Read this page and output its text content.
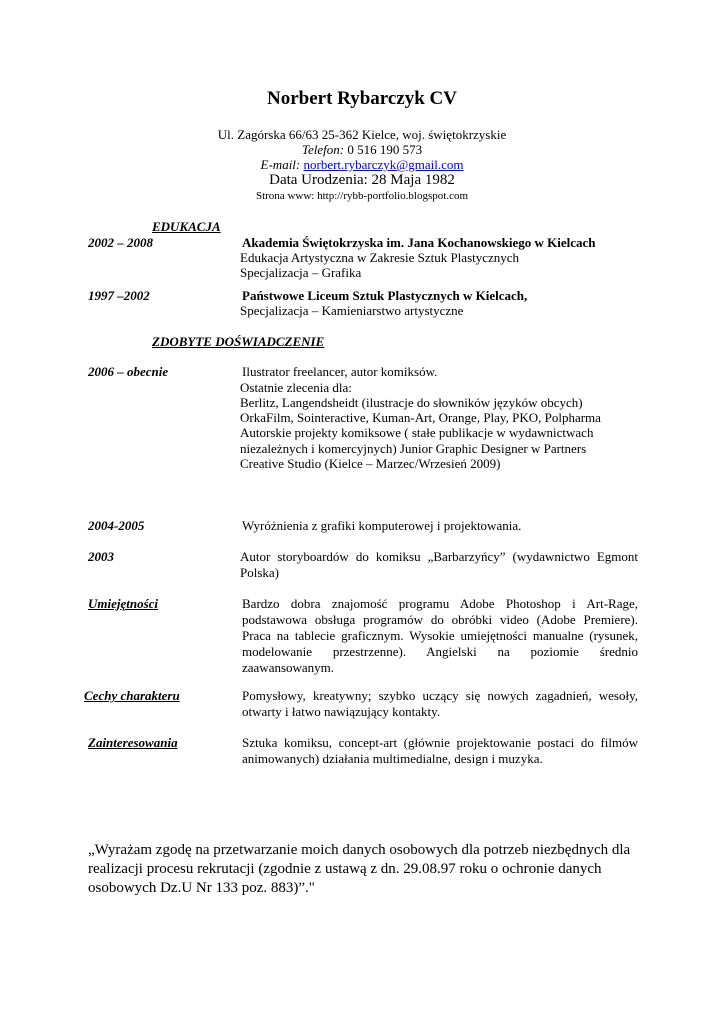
Norbert Rybarczyk CV
Ul. Zagórska 66/63 25-362 Kielce, woj. świętokrzyskie
Telefon: 0 516 190 573
E-mail: norbert.rybarczyk@gmail.com
Data Urodzenia: 28 Maja 1982
Strona www: http://rybb-portfolio.blogspot.com
EDUKACJA
2002 – 2008	Akademia Świętokrzyska im. Jana Kochanowskiego w Kielcach
Edukacja Artystyczna w Zakresie Sztuk Plastycznych
Specjalizacja – Grafika
1997 –2002	Państwowe Liceum Sztuk Plastycznych w Kielcach,
Specjalizacja – Kamieniarstwo artystyczne
ZDOBYTE DOŚWIADCZENIE
2006 – obecnie	Ilustrator freelancer, autor komiksów.
Ostatnie zlecenia dla:
Berlitz, Langendsheidt (ilustracje do słowników języków obcych)
OrkaFilm, Sointeractive, Kuman-Art, Orange, Play, PKO, Polpharma
Autorskie projekty komiksowe ( stałe publikacje w wydawnictwach
niezależnych i komercyjnych) Junior Graphic Designer w Partners
Creative Studio (Kielce – Marzec/Wrzesień 2009)
2004-2005	Wyróżnienia z grafiki komputerowej i projektowania.
2003	Autor storyboardów do komiksu „Barbarzyńcy” (wydawnictwo Egmont Polska)
Umiejętności	Bardzo dobra znajomość programu Adobe Photoshop i Art-Rage, podstawowa obsługa programów do obróbki video (Adobe Premiere). Praca na tablecie graficznym. Wysokie umiejętności manualne (rysunek, modelowanie przestrzenne). Angielski na poziomie średnio zaawansowanym.
Cechy charakteru	Pomysłowy, kreatywny; szybko uczący się nowych zagadnień, wesoły, otwarty i łatwo nawiązujący kontakty.
Zainteresowania	Sztuka komiksu, concept-art (głównie projektowanie postaci do filmów animowanych) działania multimedialne, design i muzyka.
„Wyrażam zgodę na przetwarzanie moich danych osobowych dla potrzeb niezbędnych dla realizacji procesu rekrutacji (zgodnie z ustawą z dn. 29.08.97 roku o ochronie danych osobowych Dz.U Nr 133 poz. 883)”."
